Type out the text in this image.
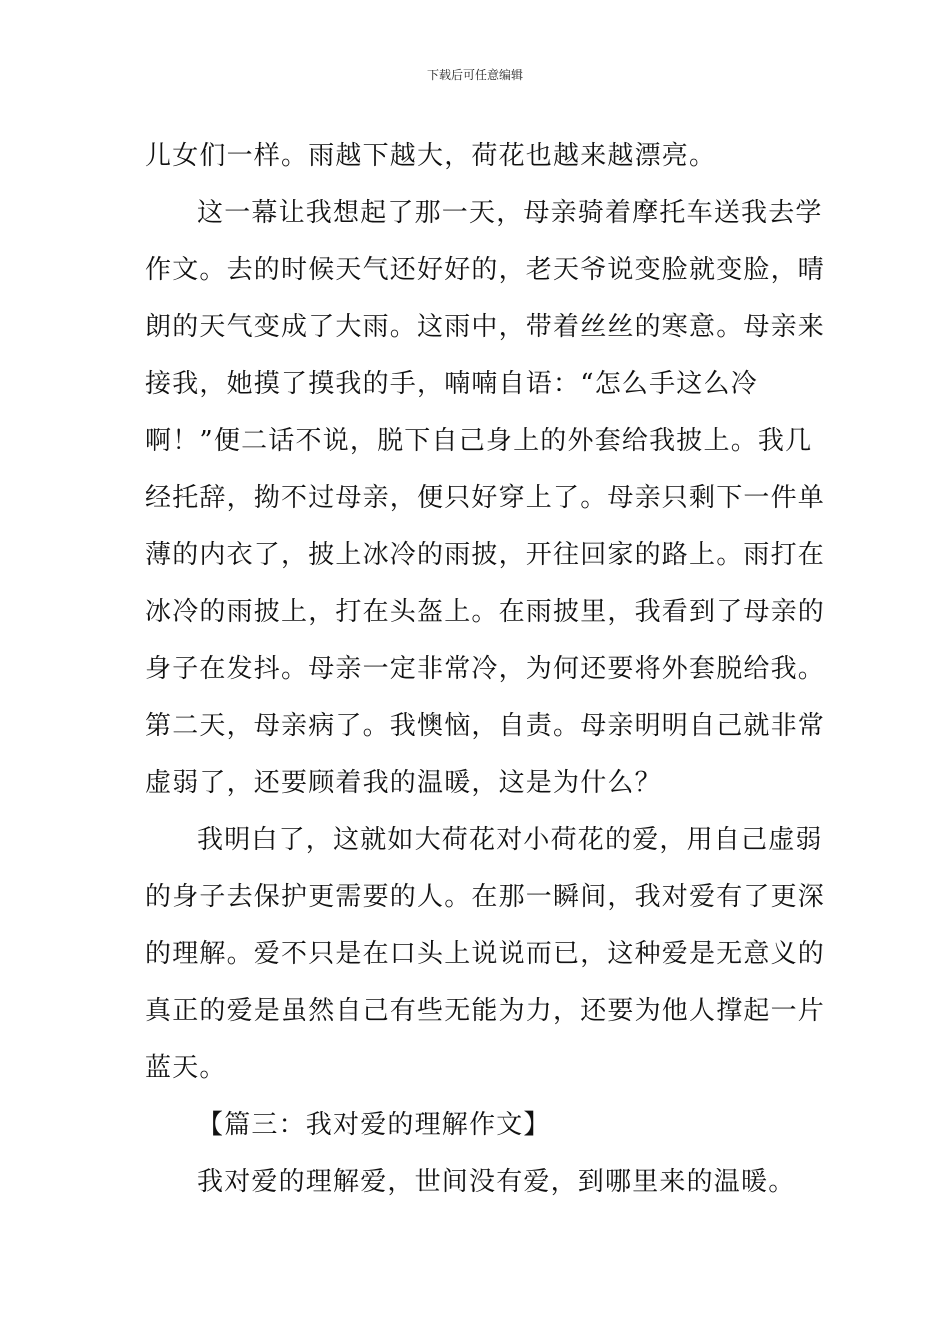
下载后可任意编辑
儿女们一样。雨越下越大，荷花也越来越漂亮。
这一幕让我想起了那一天，母亲骑着摩托车送我去学
作文。去的时候天气还好好的，老天爷说变脸就变脸，晴
朗的天气变成了大雨。这雨中，带着丝丝的寒意。母亲来
接我，她摸了摸我的手，喃喃自语：“怎么手这么冷
啊！”便二话不说，脱下自己身上的外套给我披上。我几
经托辞，拗不过母亲，便只好穿上了。母亲只剩下一件单
薄的内衣了，披上冰冷的雨披，开往回家的路上。雨打在
冰冷的雨披上，打在头盔上。在雨披里，我看到了母亲的
身子在发抖。母亲一定非常冷，为何还要将外套脱给我。
第二天，母亲病了。我懊恼，自责。母亲明明自己就非常
虚弱了，还要顾着我的温暖，这是为什么？
我明白了，这就如大荷花对小荷花的爱，用自己虚弱
的身子去保护更需要的人。在那一瞬间，我对爱有了更深
的理解。爱不只是在口头上说说而已，这种爱是无意义的
真正的爱是虽然自己有些无能为力，还要为他人撑起一片
蓝天。
【篇三：我对爱的理解作文】
我对爱的理解爱，世间没有爱，到哪里来的温暖。
